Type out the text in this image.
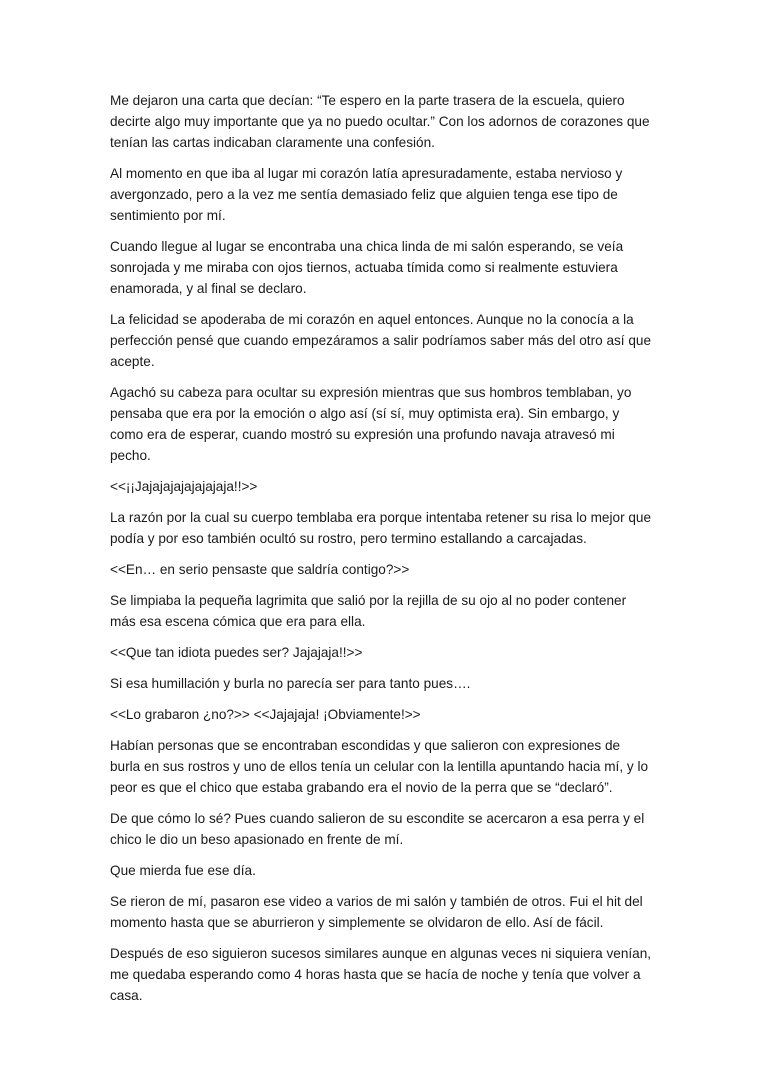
Me dejaron una carta que decían: “Te espero en la parte trasera de la escuela, quiero decirte algo muy importante que ya no puedo ocultar.” Con los adornos de corazones que tenían las cartas indicaban claramente una confesión.

Al momento en que iba al lugar mi corazón latía apresuradamente, estaba nervioso y avergonzado, pero a la vez me sentía demasiado feliz que alguien tenga ese tipo de sentimiento por mí.

Cuando llegue al lugar se encontraba una chica linda de mi salón esperando, se veía sonrojada y me miraba con ojos tiernos, actuaba tímida como si realmente estuviera enamorada, y al final se declaro.

La felicidad se apoderaba de mi corazón en aquel entonces. Aunque no la conocía a la perfección pensé que cuando empezáramos a salir podríamos saber más del otro así que acepte.

Agachó su cabeza para ocultar su expresión mientras que sus hombros temblaban, yo pensaba que era por la emoción o algo así (sí sí, muy optimista era). Sin embargo, y como era de esperar, cuando mostró su expresión una profundo navaja atravesó mi pecho.

<<¡¡Jajajajajajajajaja!!>>

La razón por la cual su cuerpo temblaba era porque intentaba retener su risa lo mejor que podía y por eso también ocultó su rostro, pero termino estallando a carcajadas.

<<En… en serio pensaste que saldría contigo?>>

Se limpiaba la pequeña lagrimita que salió por la rejilla de su ojo al no poder contener más esa escena cómica que era para ella.

<<Que tan idiota puedes ser? Jajajaja!!>>

Si esa humillación y burla no parecía ser para tanto pues….

<<Lo grabaron ¿no?>> <<Jajajaja! ¡Obviamente!>>

Habían personas que se encontraban escondidas y que salieron con expresiones de burla en sus rostros y uno de ellos tenía un celular con la lentilla apuntando hacia mí, y lo peor es que el chico que estaba grabando era el novio de la perra que se “declaró”.

De que cómo lo sé? Pues cuando salieron de su escondite se acercaron a esa perra y el chico le dio un beso apasionado en frente de mí.

Que mierda fue ese día.

Se rieron de mí, pasaron ese video a varios de mi salón y también de otros. Fui el hit del momento hasta que se aburrieron y simplemente se olvidaron de ello. Así de fácil.

Después de eso siguieron sucesos similares aunque en algunas veces ni siquiera venían, me quedaba esperando como 4 horas hasta que se hacía de noche y tenía que volver a casa.
